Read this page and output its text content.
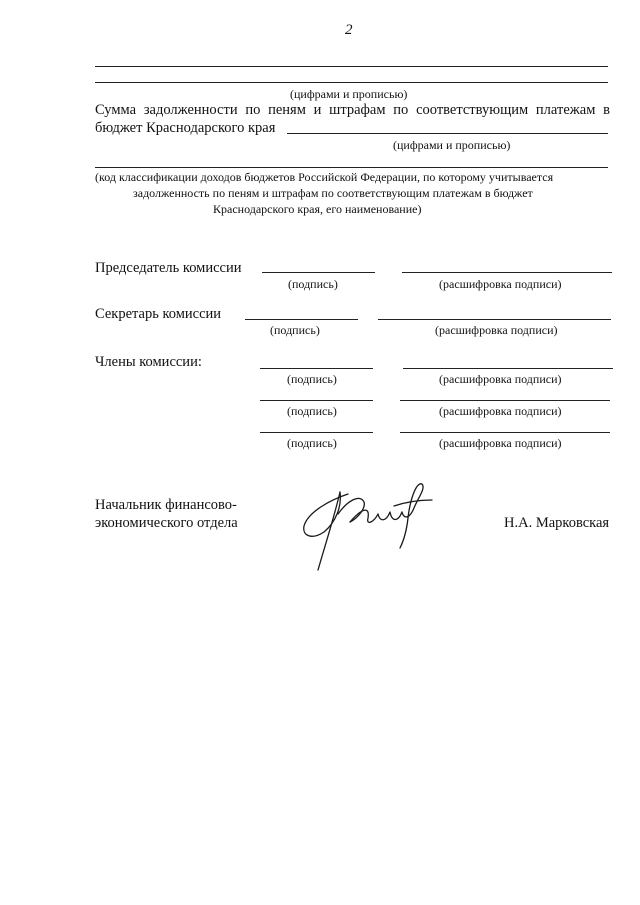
2
(цифрами и прописью)
Сумма задолженности по пеням и штрафам по соответствующим платежам в
бюджет Краснодарского края
(цифрами и прописью)
(код классификации доходов бюджетов Российской Федерации, по которому учитывается
задолженность по пеням и штрафам по соответствующим платежам в бюджет
Краснодарского края, его наименование)
Председатель комиссии
(подпись)	(расшифровка подписи)
Секретарь комиссии
(подпись)	(расшифровка подписи)
Члены комиссии:
(подпись)	(расшифровка подписи)
(подпись)	(расшифровка подписи)
(подпись)	(расшифровка подписи)
Начальник финансово-
экономического отдела	Н.А. Марковская
